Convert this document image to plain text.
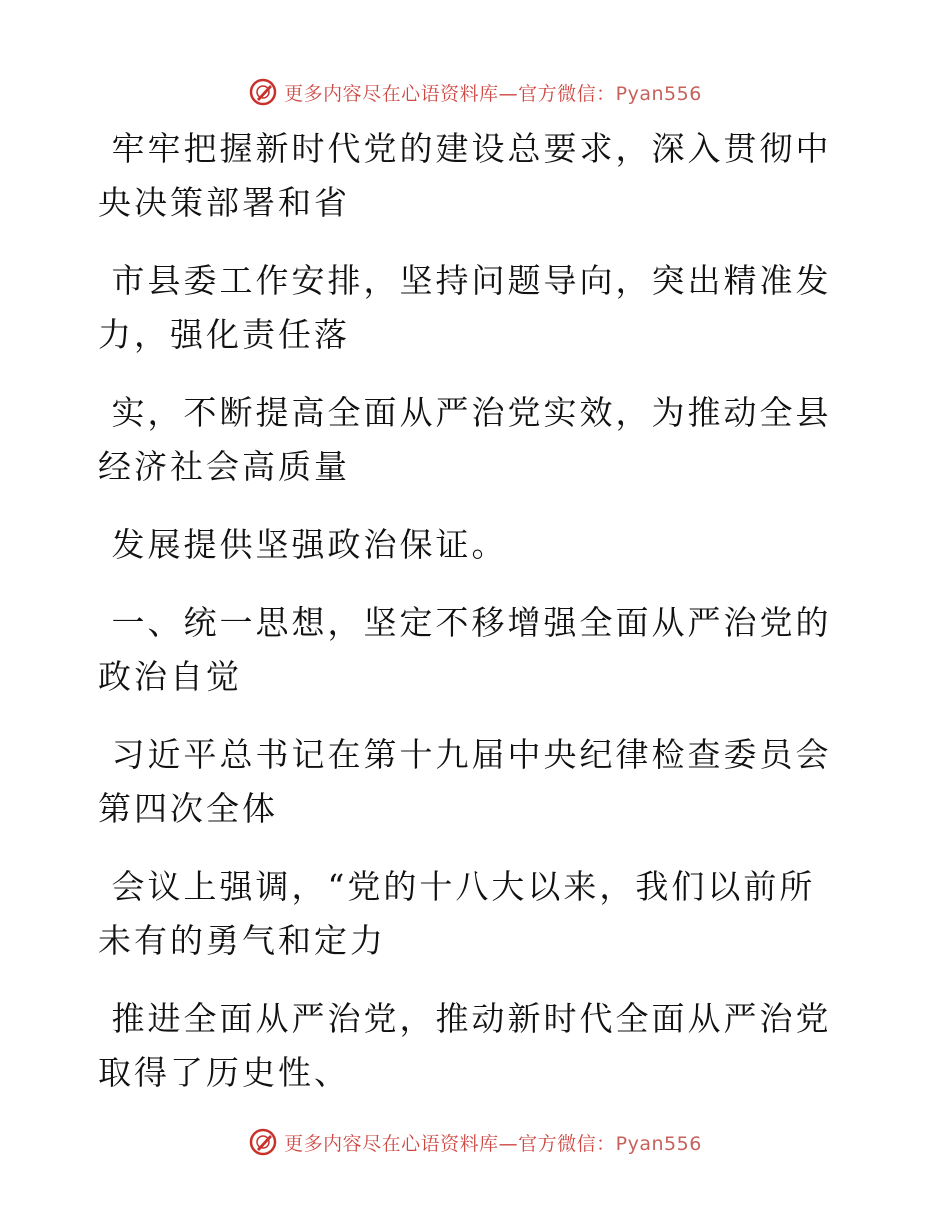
更多内容尽在心语资料库—官方微信：Pyan556

牢牢把握新时代党的建设总要求，深入贯彻中央决策部署和省

市县委工作安排，坚持问题导向，突出精准发力，强化责任落

实，不断提高全面从严治党实效，为推动全县经济社会高质量

发展提供坚强政治保证。

一、统一思想，坚定不移增强全面从严治党的政治自觉

习近平总书记在第十九届中央纪律检查委员会第四次全体

会议上强调，“党的十八大以来，我们以前所未有的勇气和定力

推进全面从严治党，推动新时代全面从严治党取得了历史性、

更多内容尽在心语资料库—官方微信：Pyan556
